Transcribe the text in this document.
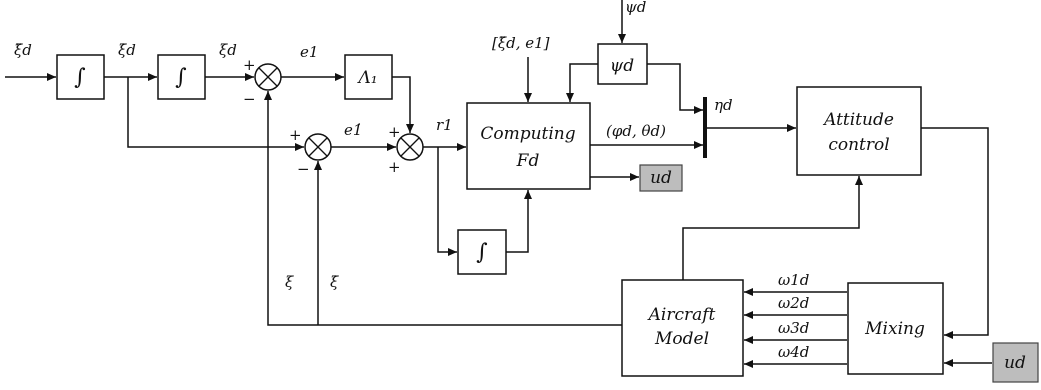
∫	∫	Λ₁
ψd
Computing
Fd
ud
∫
Attitude
control
Aircraft
Model	Mixing
ud
ξ̈d	ξ̇d	ξd	e1
e1̇	r1
[ξ̈d, e1]
ψd
(φd, θd)
ηd
ξ ξ̇	ω1d
ω2d
ω3d
ω4d
+
−
+
−
+
+
